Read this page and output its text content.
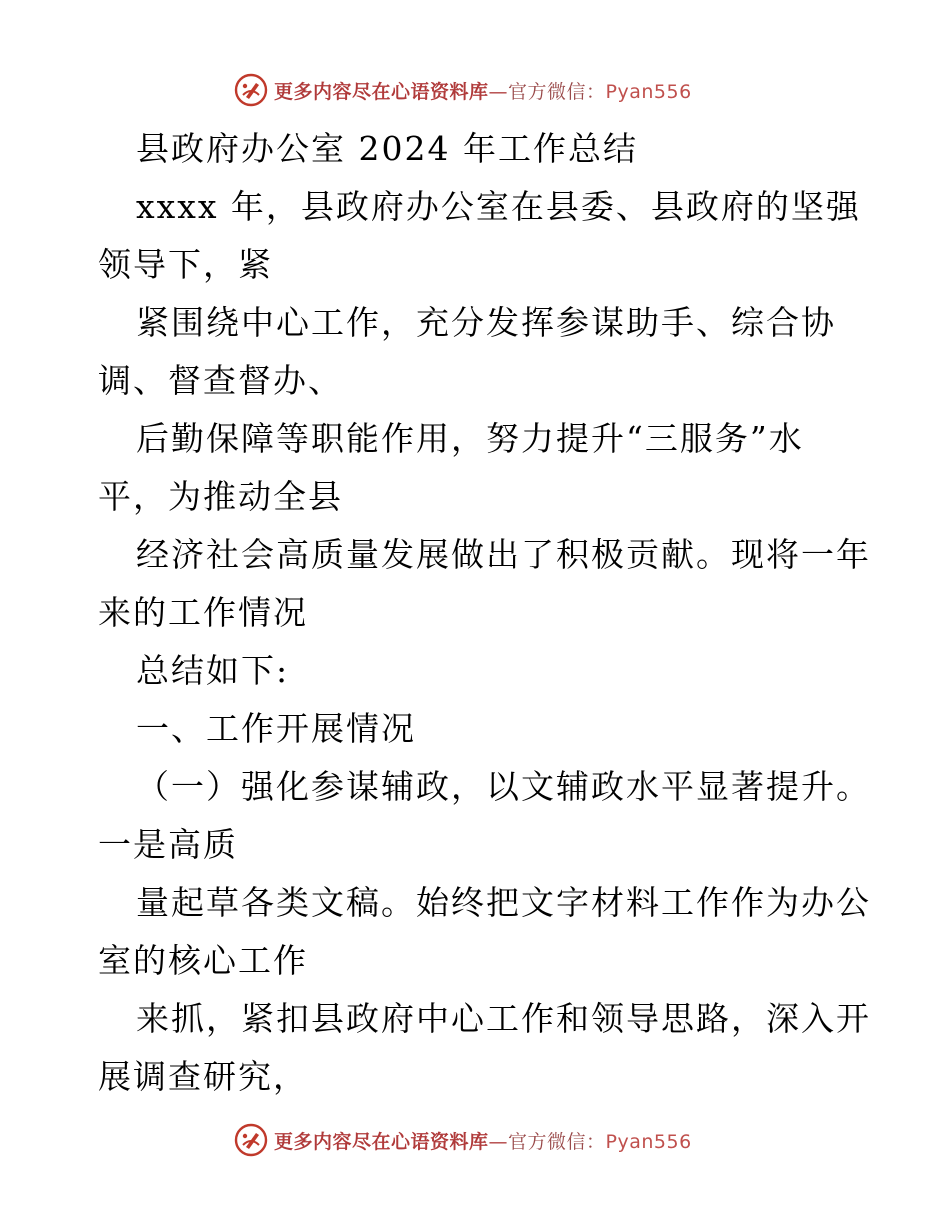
更多内容尽在心语资料库—官方微信：Pyan556
县政府办公室 2024 年工作总结
xxxx 年，县政府办公室在县委、县政府的坚强
领导下，紧
紧围绕中心工作，充分发挥参谋助手、综合协
调、督查督办、
后勤保障等职能作用，努力提升“三服务”水
平，为推动全县
经济社会高质量发展做出了积极贡献。现将一年
来的工作情况
总结如下:
一、工作开展情况
（一）强化参谋辅政，以文辅政水平显著提升。
一是高质
量起草各类文稿。始终把文字材料工作作为办公
室的核心工作
来抓，紧扣县政府中心工作和领导思路，深入开
展调查研究，
更多内容尽在心语资料库—官方微信：Pyan556
